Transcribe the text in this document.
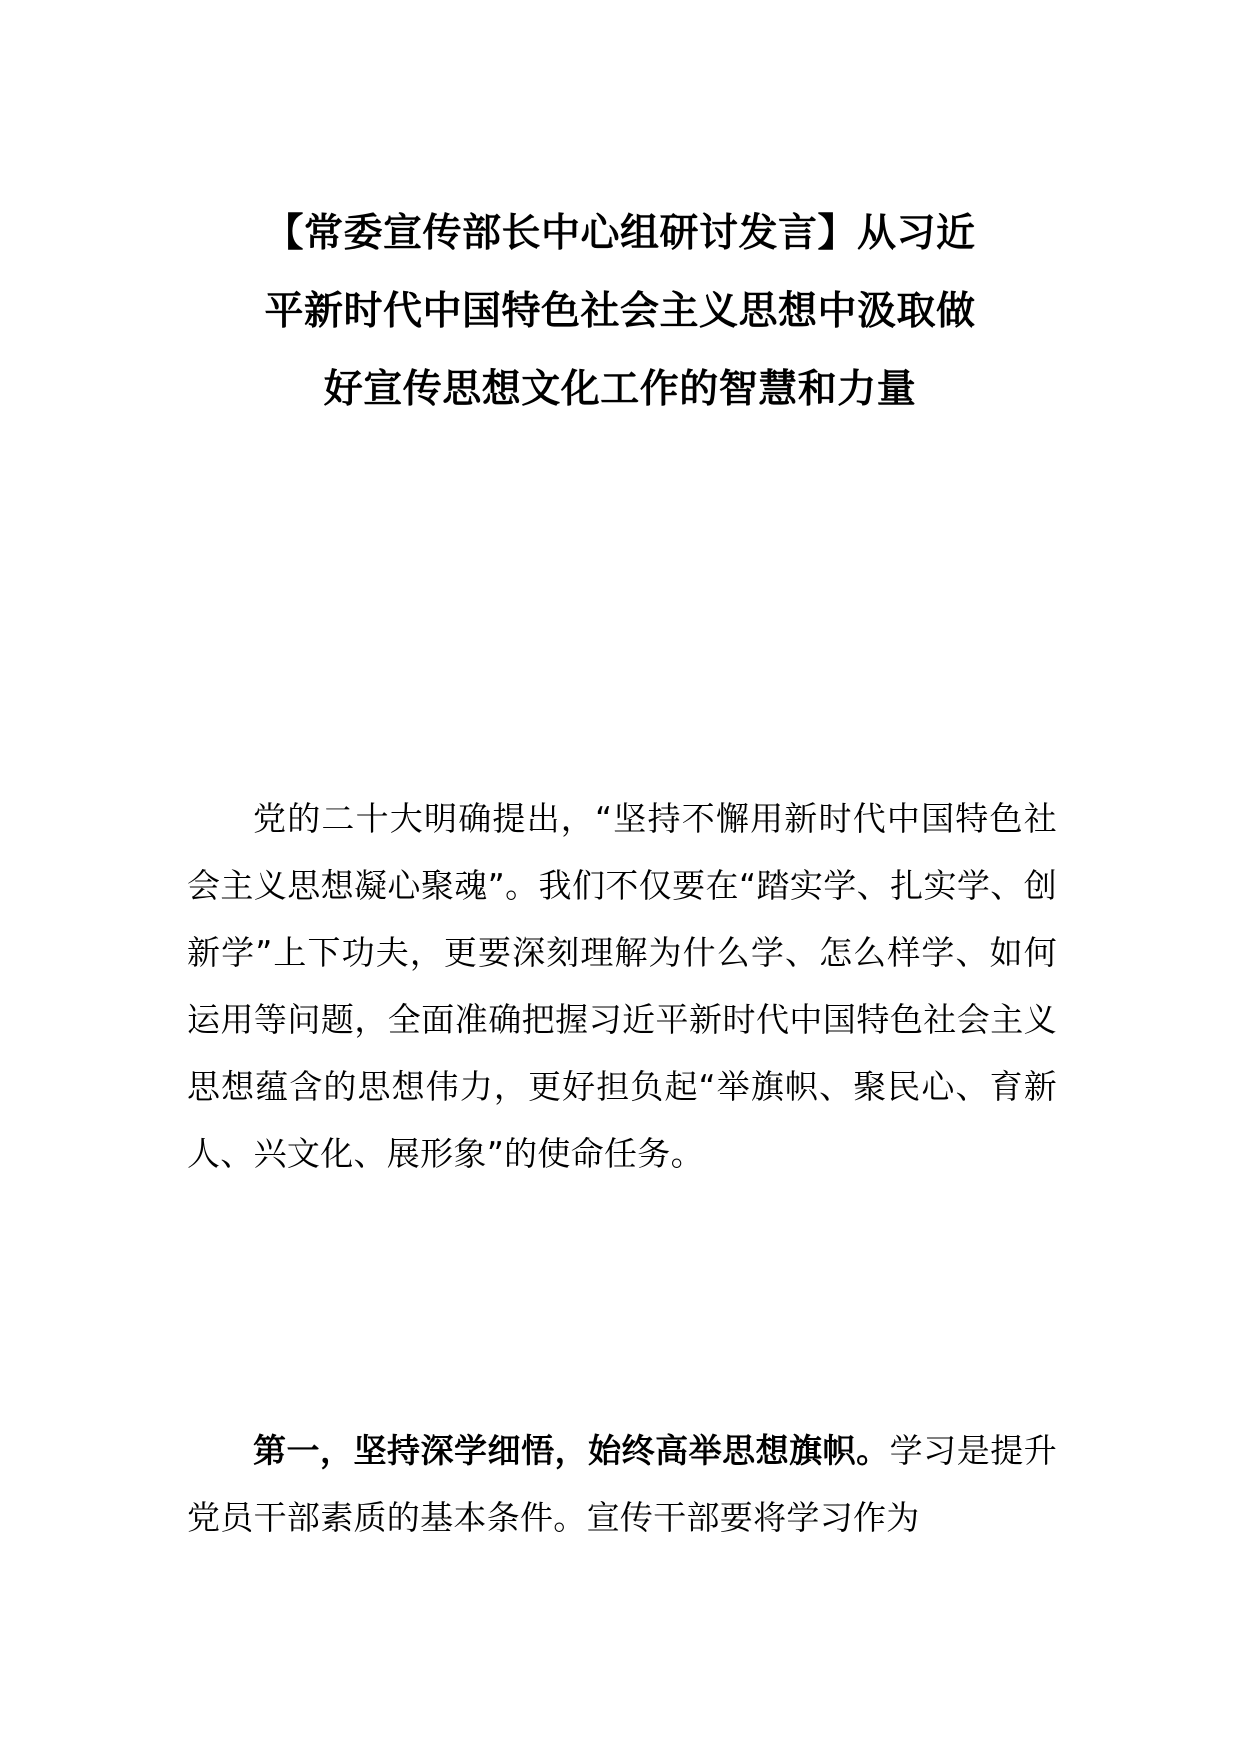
【常委宣传部长中心组研讨发言】从习近
平新时代中国特色社会主义思想中汲取做
好宣传思想文化工作的智慧和力量

党的二十大明确提出，“坚持不懈用新时代中国特色社会主义思想凝心聚魂”。我们不仅要在“踏实学、扎实学、创新学”上下功夫，更要深刻理解为什么学、怎么样学、如何运用等问题，全面准确把握习近平新时代中国特色社会主义思想蕴含的思想伟力，更好担负起“举旗帜、聚民心、育新人、兴文化、展形象”的使命任务。

第一，坚持深学细悟，始终高举思想旗帜。学习是提升党员干部素质的基本条件。宣传干部要将学习作为
